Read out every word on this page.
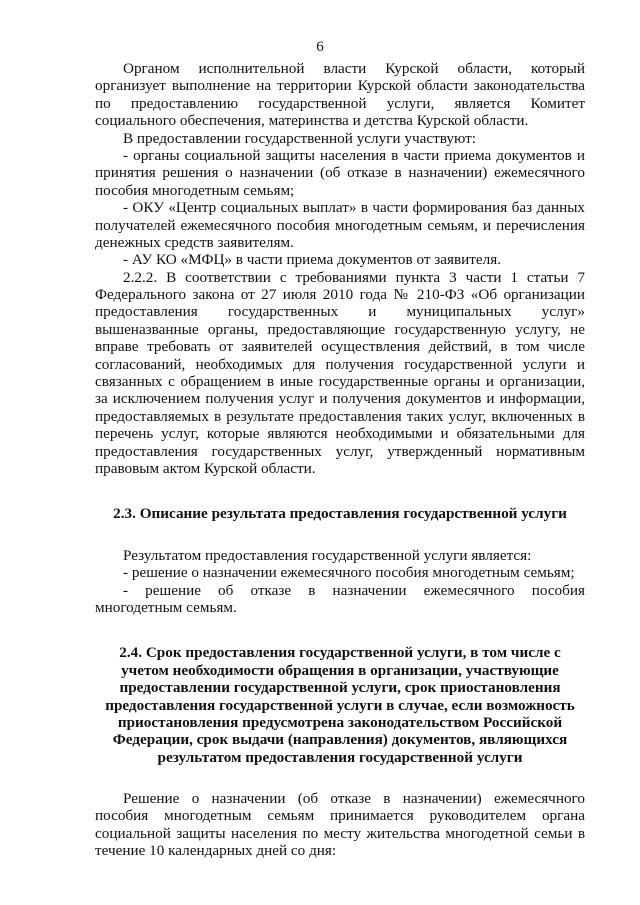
6

Органом исполнительной власти Курской области, который
организует выполнение на территории Курской области законодательства
по предоставлению государственной услуги, является Комитет
социального обеспечения, материнства и детства Курской области.

В предоставлении государственной услуги участвуют:

- органы социальной защиты населения в части приема документов и
принятия решения о назначении (об отказе в назначении) ежемесячного
пособия многодетным семьям;

- ОКУ «Центр социальных выплат» в части формирования баз данных
получателей ежемесячного пособия многодетным семьям, и перечисления
денежных средств заявителям.

- АУ КО «МФЦ» в части приема документов от заявителя.

2.2.2. В соответствии с требованиями пункта 3 части 1 статьи 7
Федерального закона от 27 июля 2010 года № 210-ФЗ «Об организации
предоставления государственных и муниципальных услуг»
вышеназванные органы, предоставляющие государственную услугу, не
вправе требовать от заявителей осуществления действий, в том числе
согласований, необходимых для получения государственной услуги и
связанных с обращением в иные государственные органы и организации,
за исключением получения услуг и получения документов и информации,
предоставляемых в результате предоставления таких услуг, включенных в
перечень услуг, которые являются необходимыми и обязательными для
предоставления государственных услуг, утвержденный нормативным
правовым актом Курской области.

2.3. Описание результата предоставления государственной услуги

Результатом предоставления государственной услуги является:

- решение о назначении ежемесячного пособия многодетным семьям;

- решение об отказе в назначении ежемесячного пособия
многодетным семьям.

2.4. Срок предоставления государственной услуги, в том числе с
учетом необходимости обращения в организации, участвующие
предоставлении государственной услуги, срок приостановления
предоставления государственной услуги в случае, если возможность
приостановления предусмотрена законодательством Российской
Федерации, срок выдачи (направления) документов, являющихся
результатом предоставления государственной услуги

Решение о назначении (об отказе в назначении) ежемесячного
пособия многодетным семьям принимается руководителем органа
социальной защиты населения по месту жительства многодетной семьи в
течение 10 календарных дней со дня:
